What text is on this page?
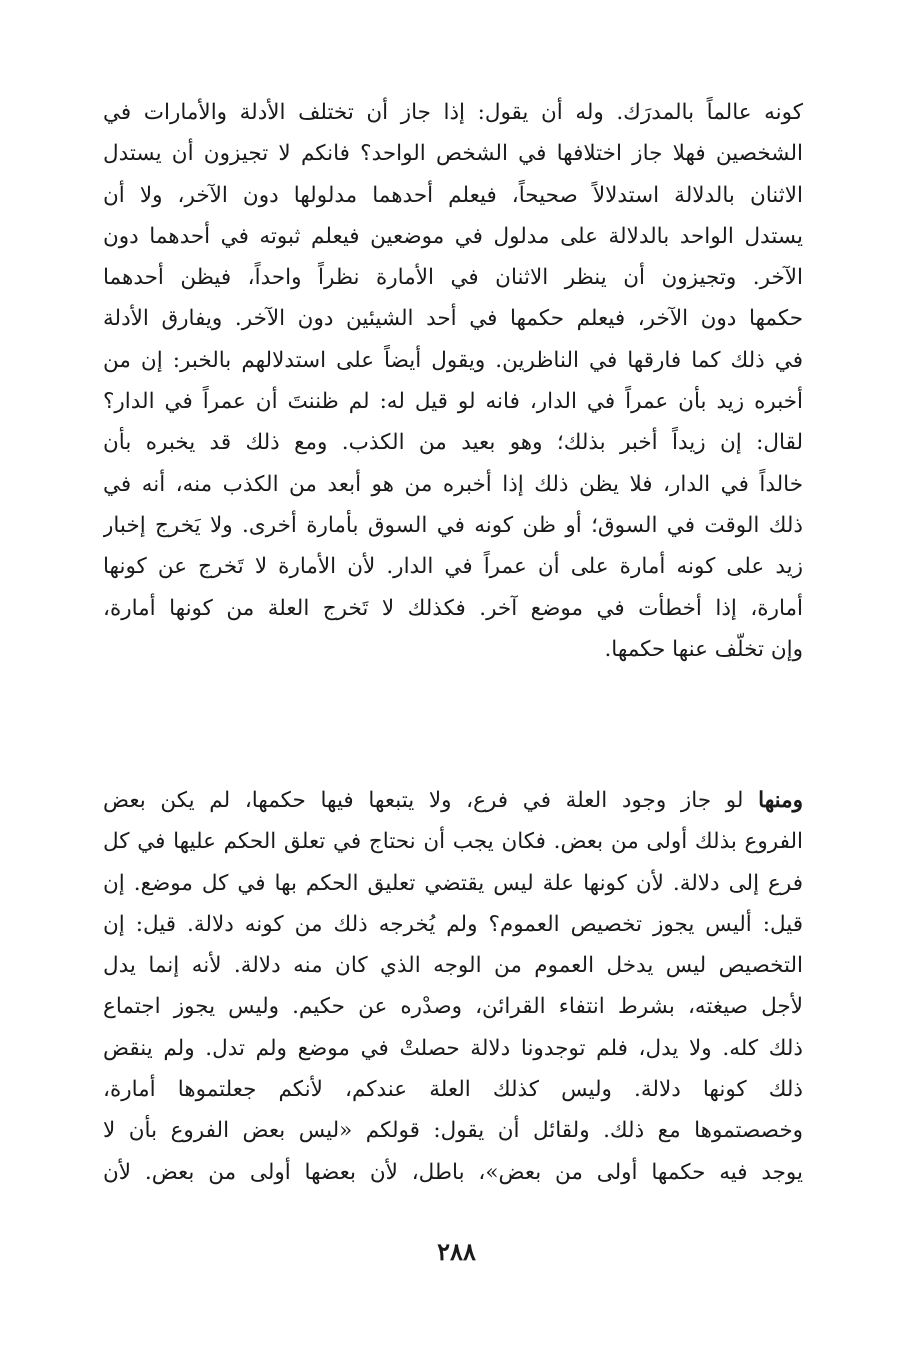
كونه عالماً بالمدرَك. وله أن يقول: إذا جاز أن تختلف الأدلة والأمارات في
الشخصين فهلا جاز اختلافها في الشخص الواحد؟ فانكم لا تجيزون أن يستدل
الاثنان بالدلالة استدلالاً صحيحاً، فيعلم أحدهما مدلولها دون الآخر، ولا أن
يستدل الواحد بالدلالة على مدلول في موضعين فيعلم ثبوته في أحدهما دون
الآخر. وتجيزون أن ينظر الاثنان في الأمارة نظراً واحداً، فيظن أحدهما
حكمها دون الآخر، فيعلم حكمها في أحد الشيئين دون الآخر. ويفارق الأدلة
في ذلك كما فارقها في الناظرين. ويقول أيضاً على استدلالهم بالخبر: إن من
أخبره زيد بأن عمراً في الدار، فانه لو قيل له: لم ظننتَ أن عمراً في الدار؟
لقال: إن زيداً أخبر بذلك؛ وهو بعيد من الكذب. ومع ذلك قد يخبره بأن
خالداً في الدار، فلا يظن ذلك إذا أخبره من هو أبعد من الكذب منه، أنه في
ذلك الوقت في السوق؛ أو ظن كونه في السوق بأمارة أخرى. ولا يَخرج إخبار
زيد على كونه أمارة على أن عمراً في الدار. لأن الأمارة لا تَخرج عن كونها
أمارة، إذا أخطأت في موضع آخر. فكذلك لا تَخرج العلة من كونها أمارة،
وإن تخلّف عنها حكمها.
ومنها لو جاز وجود العلة في فرع، ولا يتبعها فيها حكمها، لم يكن بعض
الفروع بذلك أولى من بعض. فكان يجب أن نحتاج في تعلق الحكم عليها في كل
فرع إلى دلالة. لأن كونها علة ليس يقتضي تعليق الحكم بها في كل موضع. إن
قيل: أليس يجوز تخصيص العموم؟ ولم يُخرجه ذلك من كونه دلالة. قيل: إن
التخصيص ليس يدخل العموم من الوجه الذي كان منه دلالة. لأنه إنما يدل
لأجل صيغته، بشرط انتفاء القرائن، وصدْره عن حكيم. وليس يجوز اجتماع
ذلك كله. ولا يدل، فلم توجدونا دلالة حصلتْ في موضع ولم تدل. ولم ينقض
ذلك كونها دلالة. وليس كذلك العلة عندكم، لأنكم جعلتموها أمارة،
وخصصتموها مع ذلك. ولقائل أن يقول: قولكم «ليس بعض الفروع بأن لا
يوجد فيه حكمها أولى من بعض»، باطل، لأن بعضها أولى من بعض. لأن
٢٨٨
